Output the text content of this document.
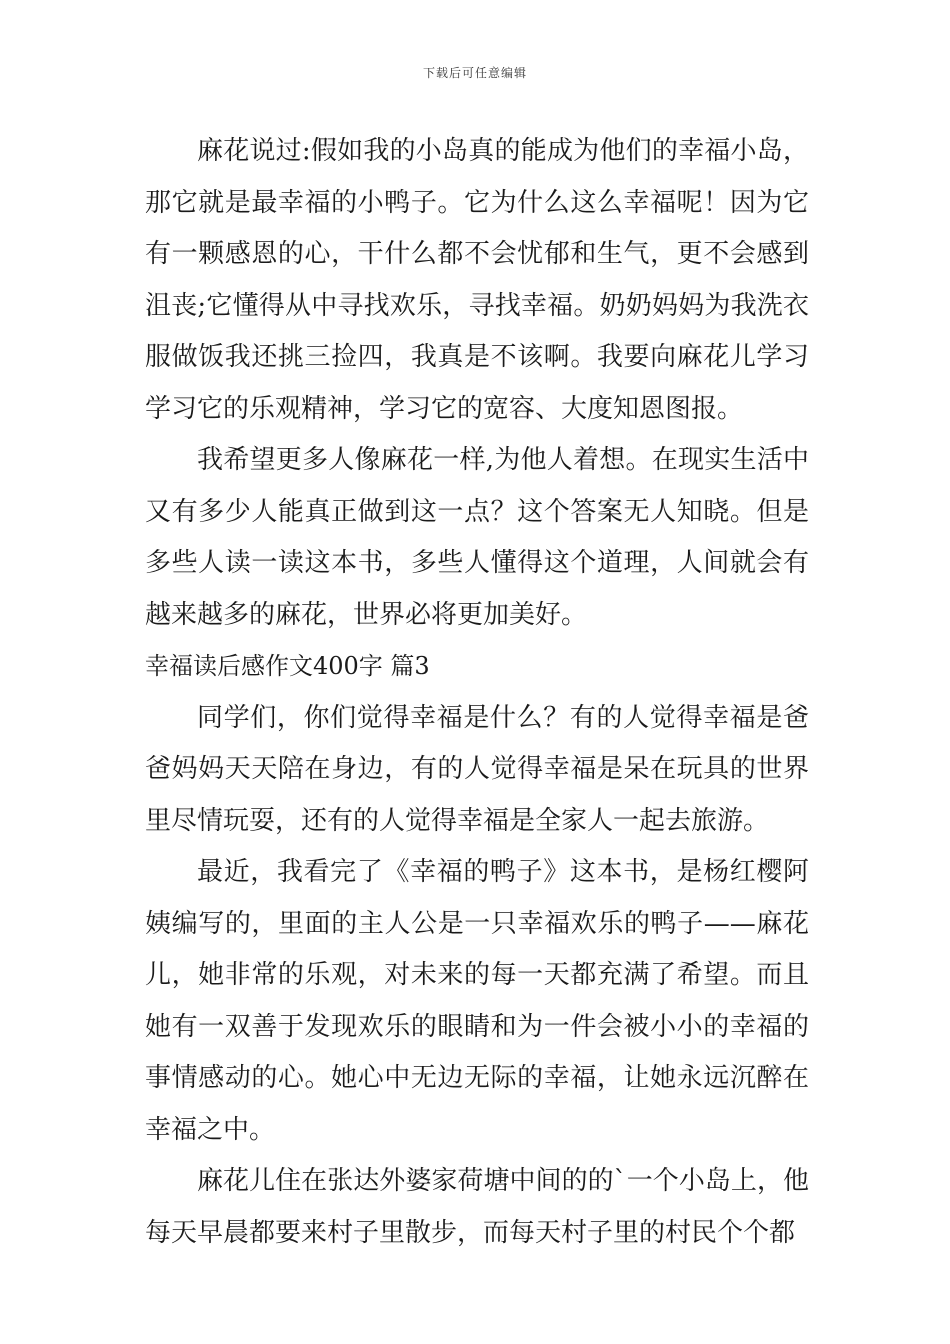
下载后可任意编辑

麻花说过:假如我的小岛真的能成为他们的幸福小岛，那它就是最幸福的小鸭子。它为什么这么幸福呢！因为它有一颗感恩的心，干什么都不会忧郁和生气，更不会感到沮丧;它懂得从中寻找欢乐，寻找幸福。奶奶妈妈为我洗衣服做饭我还挑三捡四，我真是不该啊。我要向麻花儿学习学习它的乐观精神，学习它的宽容、大度知恩图报。

我希望更多人像麻花一样,为他人着想。在现实生活中又有多少人能真正做到这一点？这个答案无人知晓。但是多些人读一读这本书，多些人懂得这个道理，人间就会有越来越多的麻花，世界必将更加美好。

幸福读后感作文400字 篇3

同学们，你们觉得幸福是什么？有的人觉得幸福是爸爸妈妈天天陪在身边，有的人觉得幸福是呆在玩具的世界里尽情玩耍，还有的人觉得幸福是全家人一起去旅游。

最近，我看完了《幸福的鸭子》这本书，是杨红樱阿姨编写的，里面的主人公是一只幸福欢乐的鸭子——麻花儿，她非常的乐观，对未来的每一天都充满了希望。而且她有一双善于发现欢乐的眼睛和为一件会被小小的幸福的事情感动的心。她心中无边无际的幸福，让她永远沉醉在幸福之中。

麻花儿住在张达外婆家荷塘中间的的`一个小岛上，他每天早晨都要来村子里散步，而每天村子里的村民个个都
